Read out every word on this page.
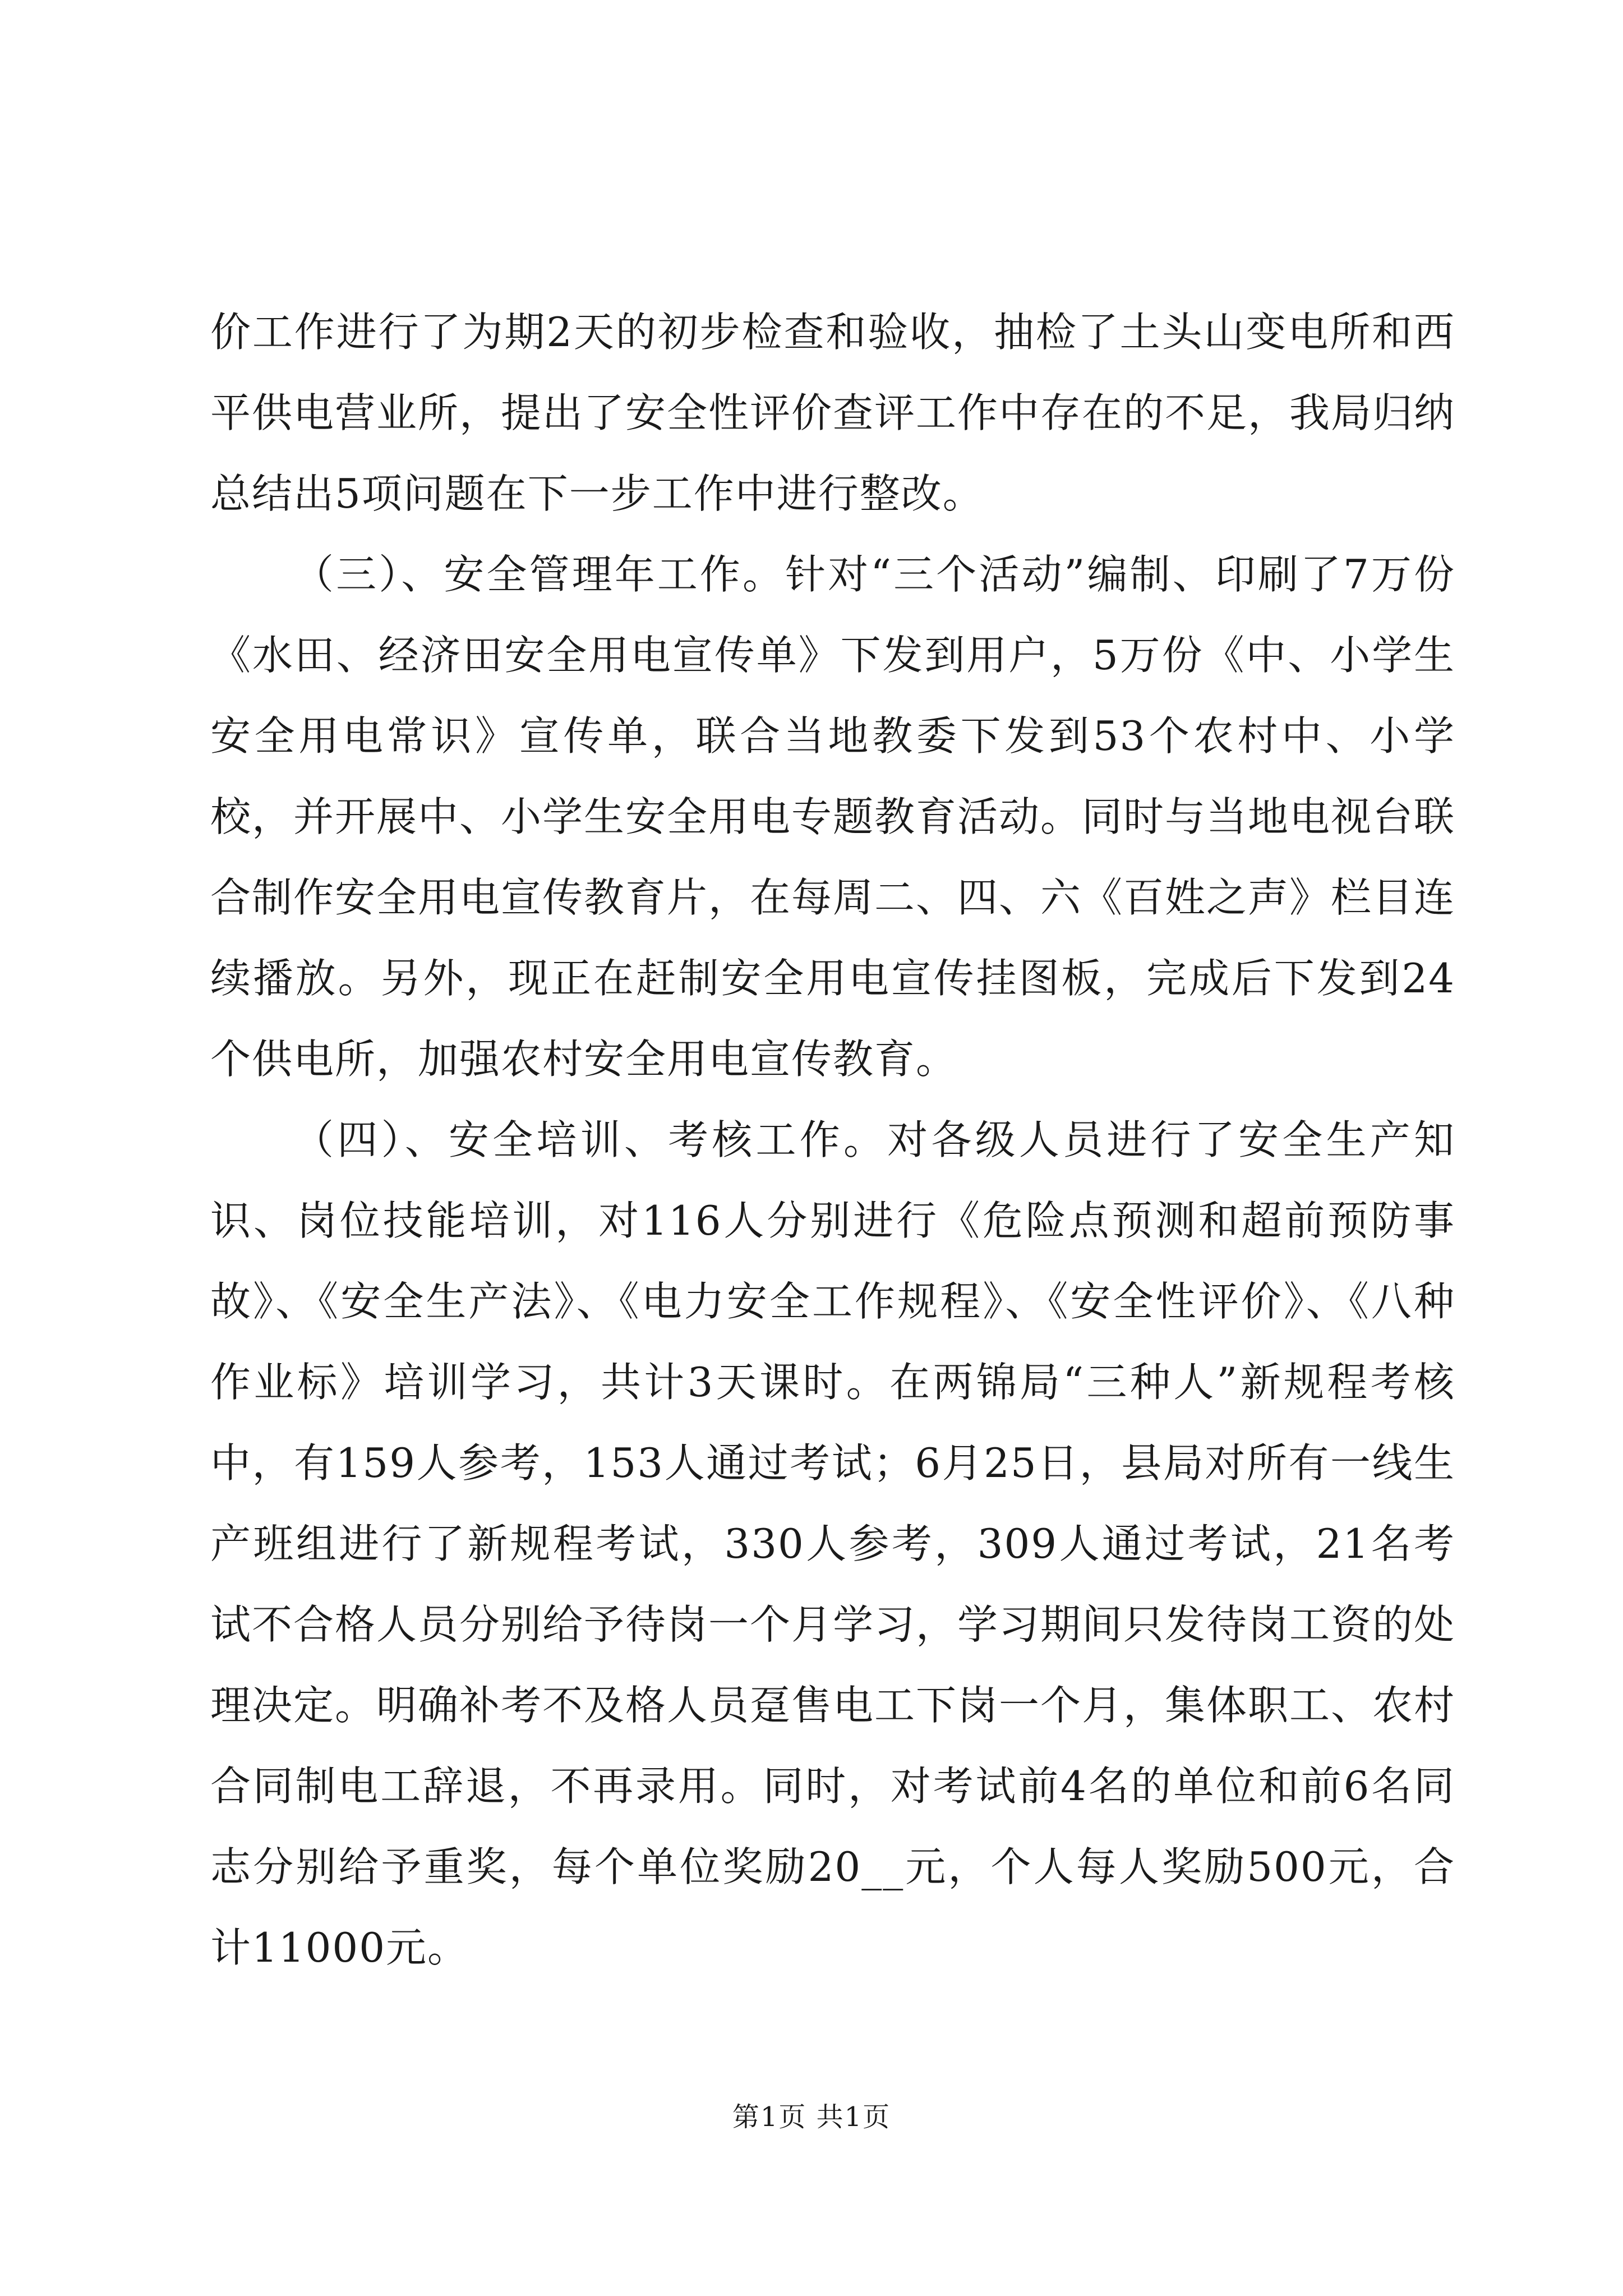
价工作进行了为期2天的初步检查和验收，抽检了土头山变电所和西平供电营业所，提出了安全性评价查评工作中存在的不足，我局归纳总结出5项问题在下一步工作中进行整改。

（三）、安全管理年工作。针对“三个活动”编制、印刷了7万份《水田、经济田安全用电宣传单》下发到用户，5万份《中、小学生安全用电常识》宣传单，联合当地教委下发到53个农村中、小学校，并开展中、小学生安全用电专题教育活动。同时与当地电视台联合制作安全用电宣传教育片，在每周二、四、六《百姓之声》栏目连续播放。另外，现正在赶制安全用电宣传挂图板，完成后下发到24个供电所，加强农村安全用电宣传教育。

（四）、安全培训、考核工作。对各级人员进行了安全生产知识、岗位技能培训，对116人分别进行《危险点预测和超前预防事故》、《安全生产法》、《电力安全工作规程》、《安全性评价》、《八种作业标》培训学习，共计3天课时。在两锦局“三种人”新规程考核中，有159人参考，153人通过考试；6月25日，县局对所有一线生产班组进行了新规程考试，330人参考，309人通过考试，21名考试不合格人员分别给予待岗一个月学习，学习期间只发待岗工资的处理决定。明确补考不及格人员趸售电工下岗一个月，集体职工、农村合同制电工辞退，不再录用。同时，对考试前4名的单位和前6名同志分别给予重奖，每个单位奖励20__元，个人每人奖励500元，合计11000元。

第1页 共1页
